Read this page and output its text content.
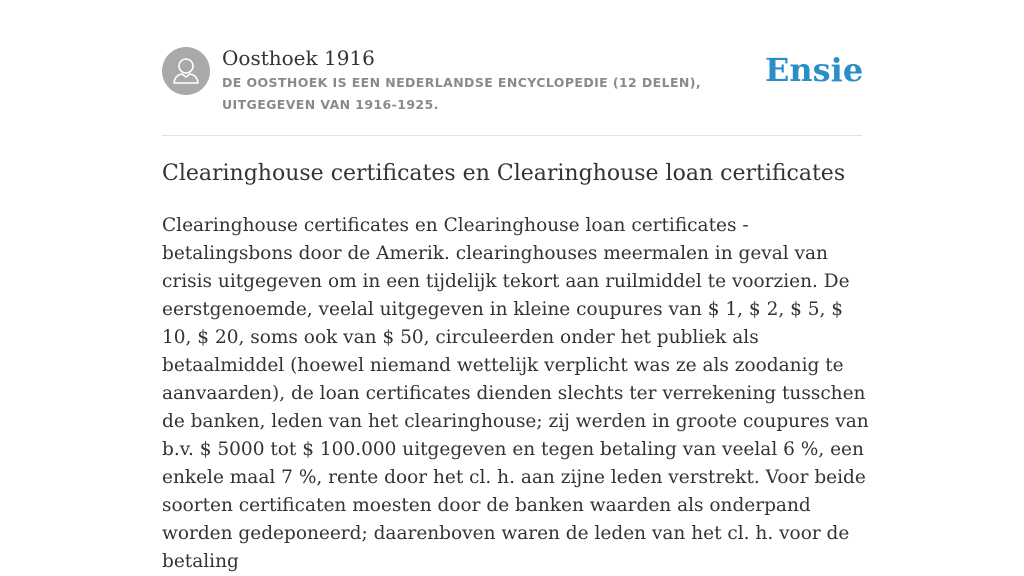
Oosthoek 1916
DE OOSTHOEK IS EEN NEDERLANDSE ENCYCLOPEDIE (12 DELEN), UITGEGEVEN VAN 1916-1925.
Ensie
Clearinghouse certificates en Clearinghouse loan certificates

Clearinghouse certificates en Clearinghouse loan certificates - betalingsbons door de Amerik. clearinghouses meermalen in geval van crisis uitgegeven om in een tijdelijk tekort aan ruilmiddel te voorzien. De eerstgenoemde, veelal uitgegeven in kleine coupures van $ 1, $ 2, $ 5, $ 10, $ 20, soms ook van $ 50, circuleerden onder het publiek als betaalmiddel (hoewel niemand wettelijk verplicht was ze als zoodanig te aanvaarden), de loan certificates dienden slechts ter verrekening tusschen de banken, leden van het clearinghouse; zij werden in groote coupures van b.v. $ 5000 tot $ 100.000 uitgegeven en tegen betaling van veelal 6 %, een enkele maal 7 %, rente door het cl. h. aan zijne leden verstrekt. Voor beide soorten certificaten moesten door de banken waarden als onderpand worden gedeponeerd; daarenboven waren de leden van het cl. h. voor de betaling
